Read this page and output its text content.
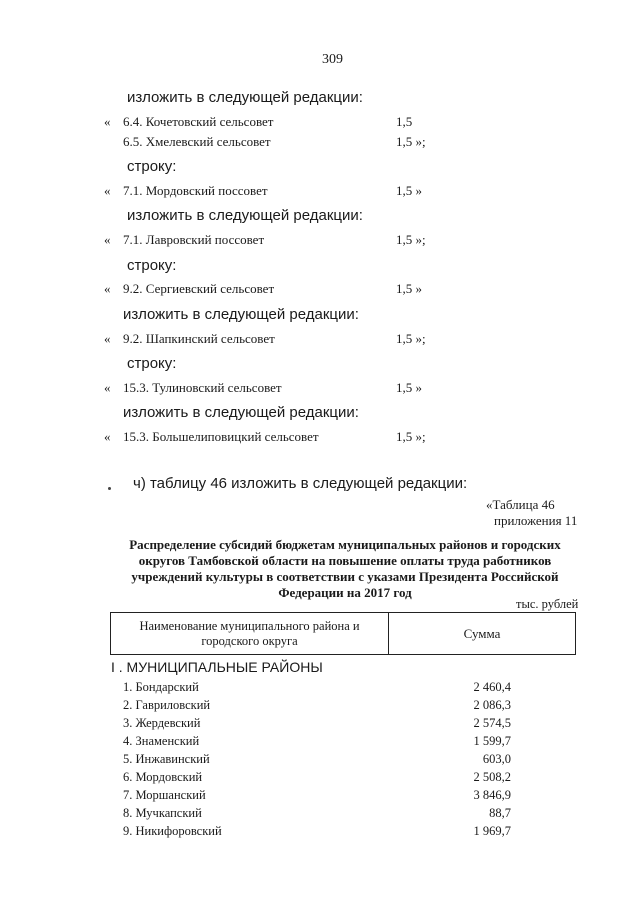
309
изложить в следующей редакции:
« 6.4. Кочетовский сельсовет	1,5
6.5. Хмелевский сельсовет	1,5 »;
строку:
« 7.1. Мордовский поссовет	1,5 »
изложить в следующей редакции:
« 7.1. Лавровский поссовет	1,5 »;
строку:
« 9.2. Сергиевский сельсовет	1,5 »
изложить в следующей редакции:
« 9.2. Шапкинский сельсовет	1,5 »;
строку:
« 15.3. Тулиновский сельсовет	1,5 »
изложить в следующей редакции:
« 15.3. Большелиповицкий сельсовет	1,5 »;
ч) таблицу 46 изложить в следующей редакции:
«Таблица 46
приложения 11
Распределение субсидий бюджетам муниципальных районов и городских округов Тамбовской области на повышение оплаты труда работников учреждений культуры в соответствии с указами Президента Российской Федерации на 2017 год
тыс. рублей
Наименование муниципального района и городского округа	Сумма
I . МУНИЦИПАЛЬНЫЕ РАЙОНЫ
1. Бондарский	2 460,4
2. Гавриловский	2 086,3
3. Жердевский	2 574,5
4. Знаменский	1 599,7
5. Инжавинский	603,0
6. Мордовский	2 508,2
7. Моршанский	3 846,9
8. Мучкапский	88,7
9. Никифоровский	1 969,7
